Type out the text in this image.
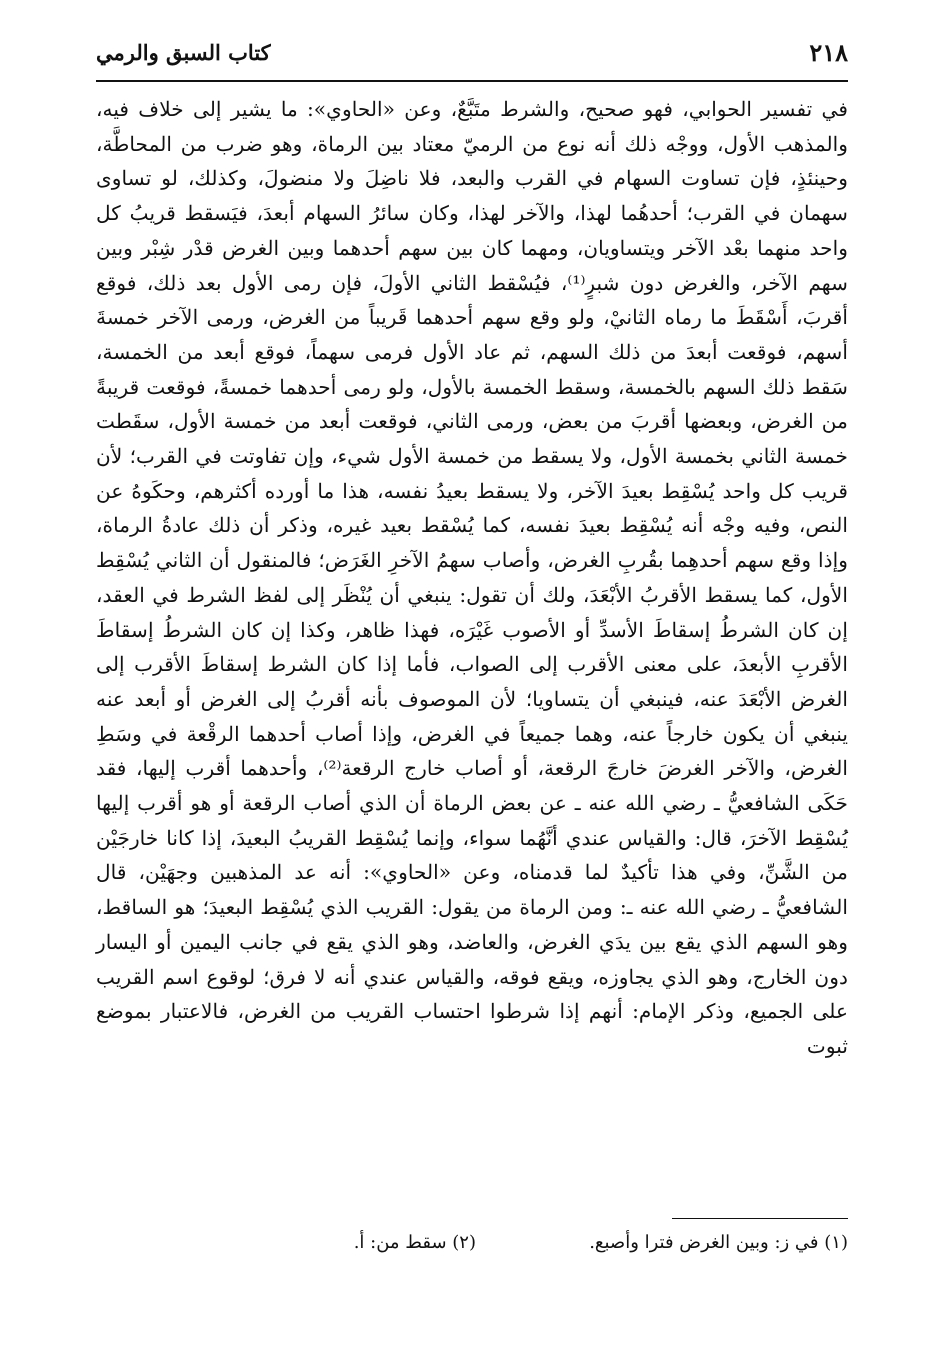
٢١٨
كتاب السبق والرمي

في تفسير الحوابي، فهو صحيح، والشرط متَبَّعٌ، وعن «الحاوي»: ما يشير إلى خلاف فيه، والمذهب الأول، ووجْه ذلك أنه نوع من الرميّ معتاد بين الرماة، وهو ضرب من المحاطَّة، وحينئذٍ، فإن تساوت السهام في القرب والبعد، فلا ناضِلَ ولا منضولَ، وكذلك، لو تساوى سهمان في القرب؛ أحدهُما لهذا، والآخر لهذا، وكان سائرُ السهام أبعدَ، فيَسقط قريبُ كل واحد منهما بعْد الآخر ويتساويان، ومهما كان بين سهم أحدهما وبين الغرض قدْر شِبْر وبين سهم الآخر، والغرض دون شبرٍ⁽¹⁾، فيُسْقط الثاني الأولَ، فإن رمى الأول بعد ذلك، فوقع أقربَ، أَسْقَطَ ما رماه الثانيْ، ولو وقع سهم أحدهما قَريباً من الغرض، ورمى الآخر خمسةَ أسهم، فوقعت أبعدَ من ذلك السهم، ثم عاد الأول فرمى سهماً، فوقع أبعد من الخمسة، سَقط ذلك السهم بالخمسة، وسقط الخمسة بالأول، ولو رمى أحدهما خمسةً، فوقعت قريبةً من الغرض، وبعضها أقربَ من بعض، ورمى الثاني، فوقعت أبعد من خمسة الأول، سقَطت خمسة الثاني بخمسة الأول، ولا يسقط من خمسة الأول شيء، وإن تفاوتت في القرب؛ لأن قريب كل واحد يُسْقِط بعيدَ الآخر، ولا يسقط بعيدُ نفسه، هذا ما أورده أكثرهم، وحكَوهُ عن النص، وفيه وجْه أنه يُسْقِط بعيدَ نفسه، كما يُسْقط بعيد غيره، وذكر أن ذلك عادةُ الرماة، وإذا وقع سهم أحدهِما بقُربِ الغرض، وأصاب سهمُ الآخرِ الغَرَض؛ فالمنقول أن الثاني يُسْقِط الأول، كما يسقط الأقربُ الأبْعَدَ، ولك أن تقول: ينبغي أن يُنْظَر إلى لفظ الشرط في العقد، إن كان الشرطُ إسقاطَ الأسدِّ أو الأصوب غَيْرَه، فهذا ظاهر، وكذا إن كان الشرطُ إسقاطَ الأقربِ الأبعدَ، على معنى الأقرب إلى الصواب، فأما إذا كان الشرط إسقاطَ الأقرب إلى الغرض الأبْعَدَ عنه، فينبغي أن يتساويا؛ لأن الموصوف بأنه أقربُ إلى الغرض أو أبعد عنه ينبغي أن يكون خارجاً عنه، وهما جميعاً في الغرض، وإذا أصاب أحدهما الرقْعة في وسَطِ الغرض، والآخر الغرضَ خارجَ الرقعة، أو أصاب خارج الرقعة⁽²⁾، وأحدهما أقرب إليها، فقد حَكَى الشافعيُّ ـ رضي الله عنه ـ عن بعض الرماة أن الذي أصاب الرقعة أو هو أقرب إليها يُسْقِط الآخرَ، قال: والقياس عندي أنَّهُما سواء، وإنما يُسْقِط القريبُ البعيدَ، إذا كانا خارجَيْن من الشَّنِّ، وفي هذا تأكيدٌ لما قدمناه، وعن «الحاوي»: أنه عد المذهبين وجهَيْن، قال الشافعيُّ ـ رضي الله عنه ـ: ومن الرماة من يقول: القريب الذي يُسْقِط البعيدَ؛ هو الساقط، وهو السهم الذي يقع بين يدَي الغرض، والعاضد، وهو الذي يقع في جانب اليمين أو اليسار دون الخارج، وهو الذي يجاوزه، ويقع فوقه، والقياس عندي أنه لا فرق؛ لوقوع اسم القريب على الجميع، وذكر الإمام: أنهم إذا شرطوا احتساب القريب من الغرض، فالاعتبار بموضع ثبوت

(١) في ز: وبين الغرض فترا وأصبع.
(٢) سقط من: أ.
